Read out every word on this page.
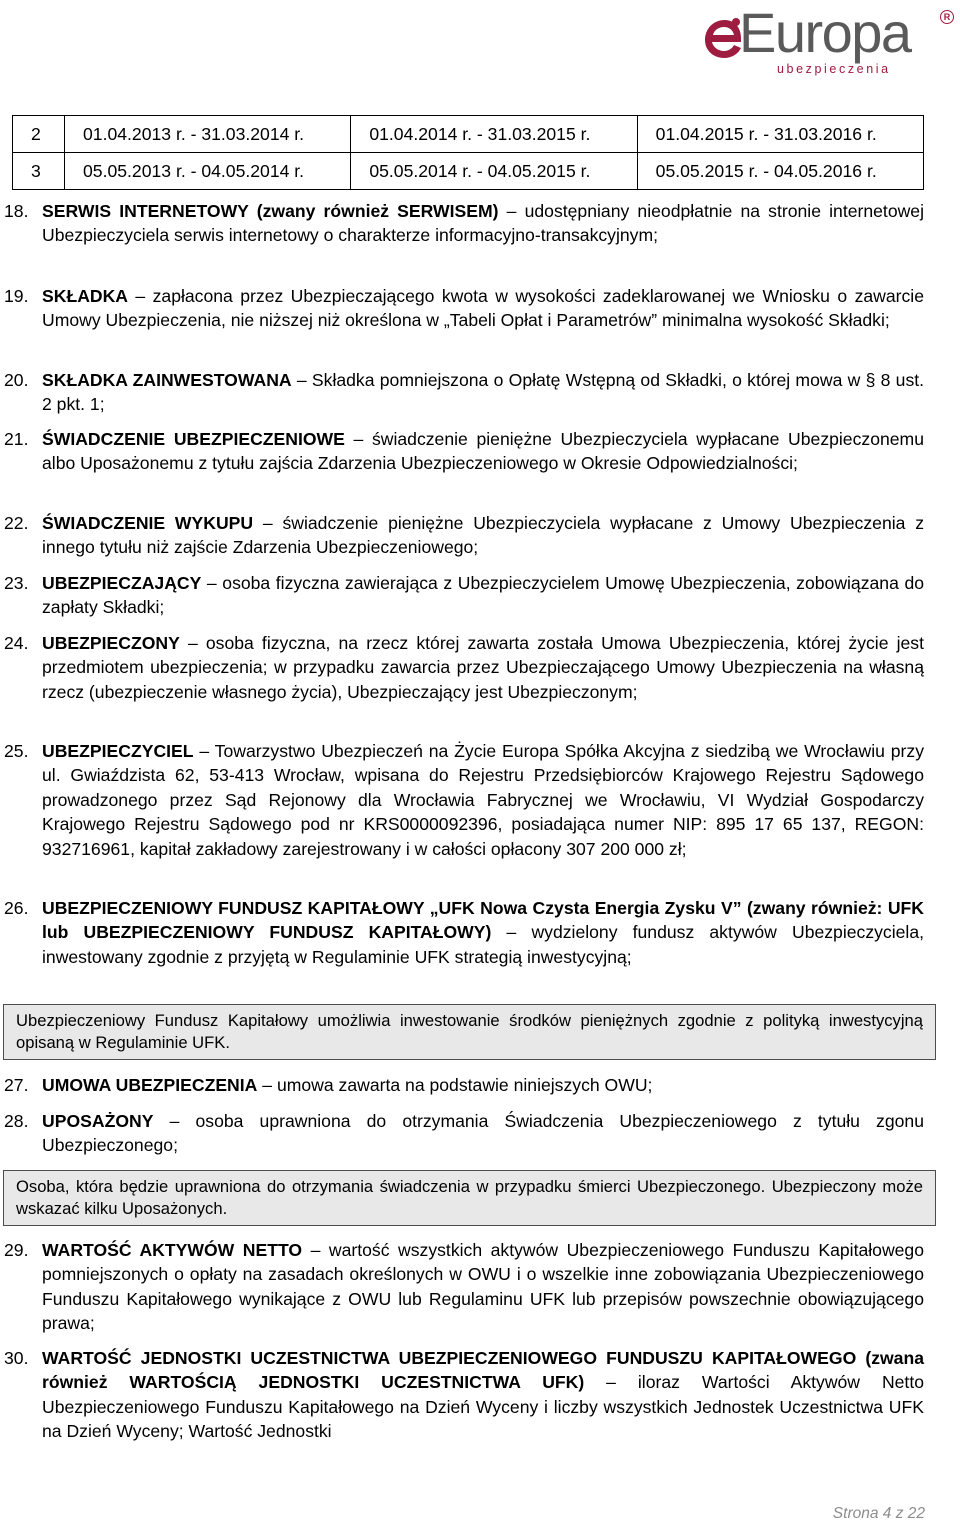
Europa	R
ubezpieczenia
2	01.04.2013 r. - 31.03.2014 r.	01.04.2014 r. - 31.03.2015 r.	01.04.2015 r. - 31.03.2016 r.
3	05.05.2013 r. - 04.05.2014 r.	05.05.2014 r. - 04.05.2015 r.	05.05.2015 r. - 04.05.2016 r.
18. SERWIS INTERNETOWY (zwany również SERWISEM) – udostępniany nieodpłatnie na stronie internetowej Ubezpieczyciela serwis internetowy o charakterze informacyjno-transakcyjnym;
19. SKŁADKA – zapłacona przez Ubezpieczającego kwota w wysokości zadeklarowanej we Wniosku o zawarcie Umowy Ubezpieczenia, nie niższej niż określona w „Tabeli Opłat i Parametrów” minimalna wysokość Składki;
20. SKŁADKA ZAINWESTOWANA – Składka pomniejszona o Opłatę Wstępną od Składki, o której mowa w § 8 ust. 2 pkt. 1;
21. ŚWIADCZENIE UBEZPIECZENIOWE – świadczenie pieniężne Ubezpieczyciela wypłacane Ubezpieczonemu albo Uposażonemu z tytułu zajścia Zdarzenia Ubezpieczeniowego w Okresie Odpowiedzialności;
22. ŚWIADCZENIE WYKUPU – świadczenie pieniężne Ubezpieczyciela wypłacane z Umowy Ubezpieczenia z innego tytułu niż zajście Zdarzenia Ubezpieczeniowego;
23. UBEZPIECZAJĄCY – osoba fizyczna zawierająca z Ubezpieczycielem Umowę Ubezpieczenia, zobowiązana do zapłaty Składki;
24. UBEZPIECZONY – osoba fizyczna, na rzecz której zawarta została Umowa Ubezpieczenia, której życie jest przedmiotem ubezpieczenia; w przypadku zawarcia przez Ubezpieczającego Umowy Ubezpieczenia na własną rzecz (ubezpieczenie własnego życia), Ubezpieczający jest Ubezpieczonym;
25. UBEZPIECZYCIEL – Towarzystwo Ubezpieczeń na Życie Europa Spółka Akcyjna z siedzibą we Wrocławiu przy ul. Gwiaździsta 62, 53-413 Wrocław, wpisana do Rejestru Przedsiębiorców Krajowego Rejestru Sądowego prowadzonego przez Sąd Rejonowy dla Wrocławia Fabrycznej we Wrocławiu, VI Wydział Gospodarczy Krajowego Rejestru Sądowego pod nr KRS0000092396, posiadająca numer NIP: 895 17 65 137, REGON: 932716961, kapitał zakładowy zarejestrowany i w całości opłacony 307 200 000 zł;
26. UBEZPIECZENIOWY FUNDUSZ KAPITAŁOWY „UFK Nowa Czysta Energia Zysku V” (zwany również: UFK lub UBEZPIECZENIOWY FUNDUSZ KAPITAŁOWY) – wydzielony fundusz aktywów Ubezpieczyciela, inwestowany zgodnie z przyjętą w Regulaminie UFK strategią inwestycyjną;
Ubezpieczeniowy Fundusz Kapitałowy umożliwia inwestowanie środków pieniężnych zgodnie z polityką inwestycyjną opisaną w Regulaminie UFK.
27. UMOWA UBEZPIECZENIA – umowa zawarta na podstawie niniejszych OWU;
28. UPOSAŻONY – osoba uprawniona do otrzymania Świadczenia Ubezpieczeniowego z tytułu zgonu Ubezpieczonego;
Osoba, która będzie uprawniona do otrzymania świadczenia w przypadku śmierci Ubezpieczonego. Ubezpieczony może wskazać kilku Uposażonych.
29. WARTOŚĆ AKTYWÓW NETTO – wartość wszystkich aktywów Ubezpieczeniowego Funduszu Kapitałowego pomniejszonych o opłaty na zasadach określonych w OWU i o wszelkie inne zobowiązania Ubezpieczeniowego Funduszu Kapitałowego wynikające z OWU lub Regulaminu UFK lub przepisów powszechnie obowiązującego prawa;
30. WARTOŚĆ JEDNOSTKI UCZESTNICTWA UBEZPIECZENIOWEGO FUNDUSZU KAPITAŁOWEGO (zwana również WARTOŚCIĄ JEDNOSTKI UCZESTNICTWA UFK) – iloraz Wartości Aktywów Netto Ubezpieczeniowego Funduszu Kapitałowego na Dzień Wyceny i liczby wszystkich Jednostek Uczestnictwa UFK na Dzień Wyceny; Wartość Jednostki
Strona 4 z 22
